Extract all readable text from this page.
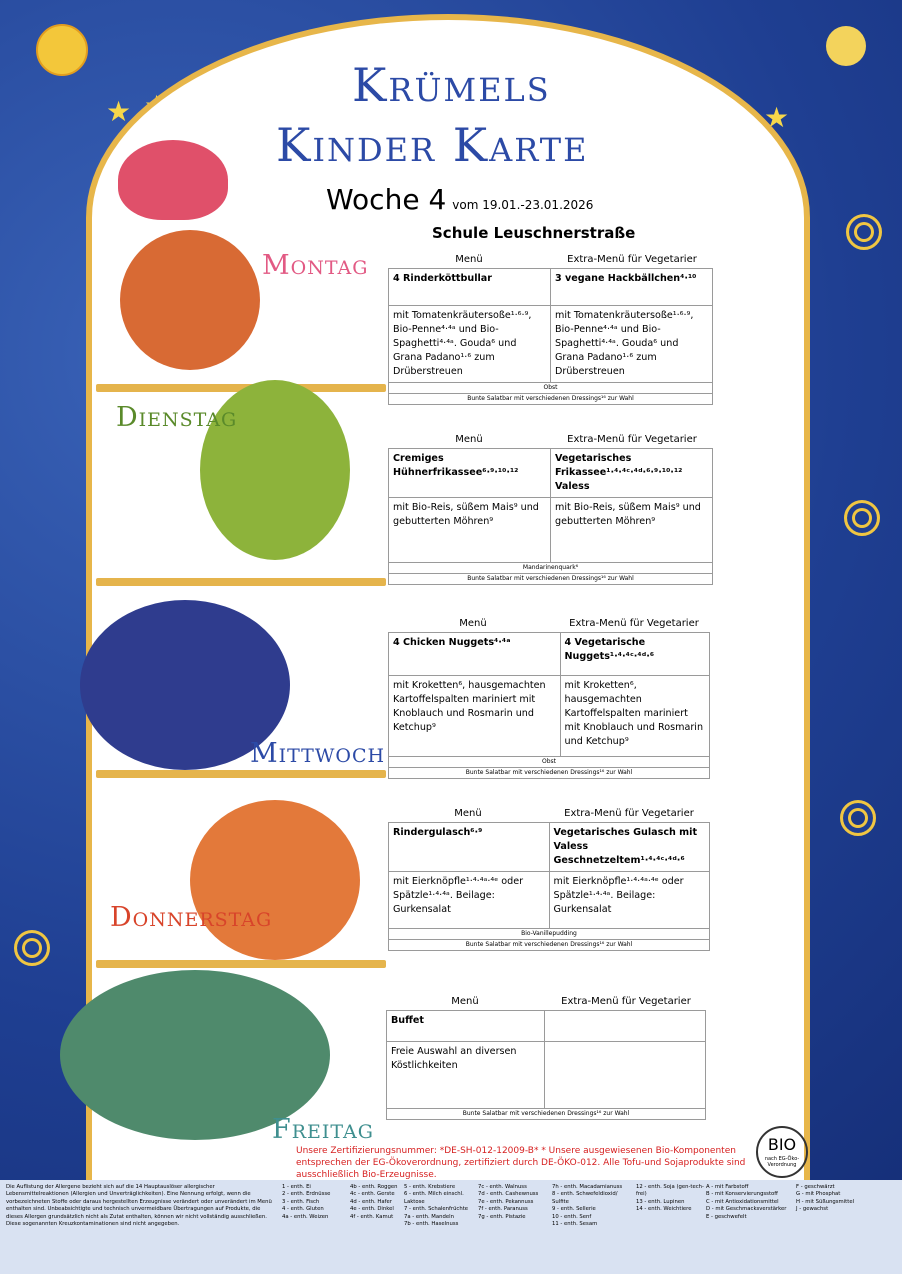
★	★
Krümels
Kinder Karte
Woche 4 vom 19.01.-23.01.2026
Schule Leuschnerstraße
Montag
Dienstag
Mittwoch
Donnerstag
Freitag
Menü	Extra-Menü für Vegetarier
4 Rinderköttbullar	3 vegane Hackbällchen⁴·¹⁰
mit Tomatenkräutersoße¹·⁶·⁹, Bio-Penne⁴·⁴ᵃ und Bio-Spaghetti⁴·⁴ᵃ. Gouda⁶ und Grana Padano¹·⁶ zum Drüberstreuen	mit Tomatenkräutersoße¹·⁶·⁹, Bio-Penne⁴·⁴ᵃ und Bio-Spaghetti⁴·⁴ᵃ. Gouda⁶ und Grana Padano¹·⁶ zum Drüberstreuen
Obst	
Bunte Salatbar mit verschiedenen Dressings¹⁶ zur Wahl	
Menü	Extra-Menü für Vegetarier
Cremiges Hühnerfrikassee⁶·⁹·¹⁰·¹²	Vegetarisches Frikassee¹·⁴·⁴ᶜ·⁴ᵈ·⁶·⁹·¹⁰·¹² Valess
mit Bio-Reis, süßem Mais⁹ und gebutterten Möhren⁹	mit Bio-Reis, süßem Mais⁹ und gebutterten Möhren⁹
Mandarinenquark⁶	
Bunte Salatbar mit verschiedenen Dressings¹⁶ zur Wahl	
Menü	Extra-Menü für Vegetarier
4 Chicken Nuggets⁴·⁴ᵃ	4 Vegetarische Nuggets¹·⁴·⁴ᶜ·⁴ᵈ·⁶
mit Kroketten⁶, hausgemachten Kartoffelspalten mariniert mit Knoblauch und Rosmarin und Ketchup⁹	mit Kroketten⁶, hausgemachten Kartoffelspalten mariniert mit Knoblauch und Rosmarin und Ketchup⁹
Obst	
Bunte Salatbar mit verschiedenen Dressings¹⁶ zur Wahl	
Menü	Extra-Menü für Vegetarier
Rindergulasch⁶·⁹	Vegetarisches Gulasch mit Valess Geschnetzeltem¹·⁴·⁴ᶜ·⁴ᵈ·⁶
mit Eierknöpfle¹·⁴·⁴ᵃ·⁴ᵉ oder Spätzle¹·⁴·⁴ᵃ. Beilage: Gurkensalat	mit Eierknöpfle¹·⁴·⁴ᵃ·⁴ᵉ oder Spätzle¹·⁴·⁴ᵃ. Beilage: Gurkensalat
Bio-Vanillepudding	
Bunte Salatbar mit verschiedenen Dressings¹⁶ zur Wahl	
Menü	Extra-Menü für Vegetarier
Buffet	
Freie Auswahl an diversen Köstlichkeiten	
Bunte Salatbar mit verschiedenen Dressings¹⁶ zur Wahl	
Unsere Zertifizierungsnummer: *DE-SH-012-12009-B* * Unsere ausgewiesenen Bio-Komponenten entsprechen der EG-Ökoverordnung, zertifiziert durch DE-ÖKO-012. Alle Tofu-und Sojaprodukte sind ausschließlich Bio-Erzeugnisse.
BIO
nach EG-Öko-Verordnung
Die Auflistung der Allergene bezieht sich auf die 14 Hauptauslöser allergischer Lebensmittelreaktionen (Allergien und Unverträglichkeiten). Eine Nennung erfolgt, wenn die vorbezeichneten Stoffe oder daraus hergestellten Erzeugnisse verändert oder unverändert im Menü enthalten sind. Unbeabsichtigte und technisch unvermeidbare Übertragungen auf Produkte, die dieses Allergen grundsätzlich nicht als Zutat enthalten, können wir nicht vollständig ausschließen. Diese sogenannten Kreuzkontaminationen sind nicht angegeben.
1 - enth. Ei
2 - enth. Erdnüsse
3 - enth. Fisch
4 - enth. Gluten
4a - enth. Weizen
4b - enth. Roggen
4c - enth. Gerste
4d - enth. Hafer
4e - enth. Dinkel
4f - enth. Kamut
5 - enth. Krebstiere
6 - enth. Milch einschl. Laktose
7 - enth. Schalenfrüchte
7a - enth. Mandeln
7b - enth. Haselnuss
7c - enth. Walnuss
7d - enth. Cashewnuss
7e - enth. Pekannuss
7f - enth. Paranuss
7g - enth. Pistazie
7h - enth. Macadamianuss
8 - enth. Schwefeldioxid/ Sulfite
9 - enth. Sellerie
10 - enth. Senf
11 - enth. Sesam
12 - enth. Soja (gen-tech-frei)
13 - enth. Lupinen
14 - enth. Weichtiere
A - mit Farbstoff
B - mit Konservierungsstoff
C - mit Antioxidationsmittel
D - mit Geschmacksverstärker
E - geschwefelt
F - geschwärzt
G - mit Phosphat
H - mit Süßungsmittel
J - gewachst
